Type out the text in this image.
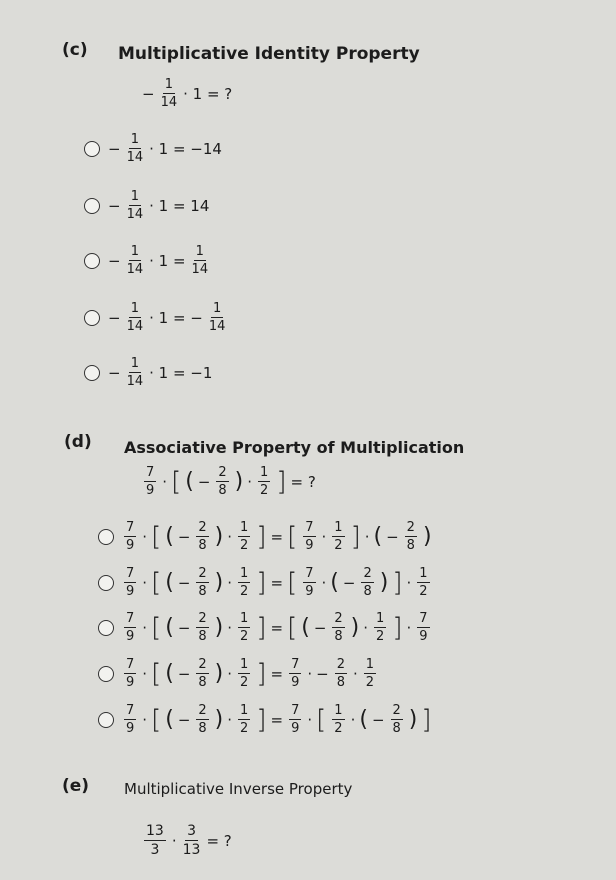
(c) Multiplicative Identity Property
− $\frac{1}{14} \cdot 1$ = ?
− $\frac{1}{14} \cdot 1 = -14$
− $\frac{1}{14} \cdot 1 = 14$
− $\frac{1}{14} \cdot 1 = \frac{1}{14}$
− $\frac{1}{14} \cdot 1$ = − $\frac{1}{14}$
− $\frac{1}{14} \cdot 1 = -1$
(d) Associative Property of Multiplication
$\frac{7}{9}$ · [ ( − $\frac{2}{8}$ ) · $\frac{1}{2}$ ] = ?
$\frac{7}{9}$ · [ ( − $\frac{2}{8}$ ) · $\frac{1}{2}$ ] = [ $\frac{7}{9} \cdot \frac{1}{2}$ ] · ( − $\frac{2}{8}$ )
$\frac{7}{9}$ · [ ( − $\frac{2}{8}$ ) · $\frac{1}{2}$ ] = [ $\frac{7}{9}$ · ( − $\frac{2}{8}$ ) ] · $\frac{1}{2}$
$\frac{7}{9}$ · [ ( − $\frac{2}{8}$ ) · $\frac{1}{2}$ ] = [ ( − $\frac{2}{8}$ ) · $\frac{1}{2}$ ] · $\frac{7}{9}$
$\frac{7}{9}$ · [ ( − $\frac{2}{8}$ ) · $\frac{1}{2}$ ] = $\frac{7}{9}$ · − $\frac{2}{8} \cdot \frac{1}{2}$
$\frac{7}{9}$ · [ ( − $\frac{2}{8}$ ) · $\frac{1}{2}$ ] = $\frac{7}{9}$ · [ $\frac{1}{2}$ · ( − $\frac{2}{8}$ ) ]
(e) Multiplicative Inverse Property
$\frac{13}{3} \cdot \frac{3}{13}$ = ?
